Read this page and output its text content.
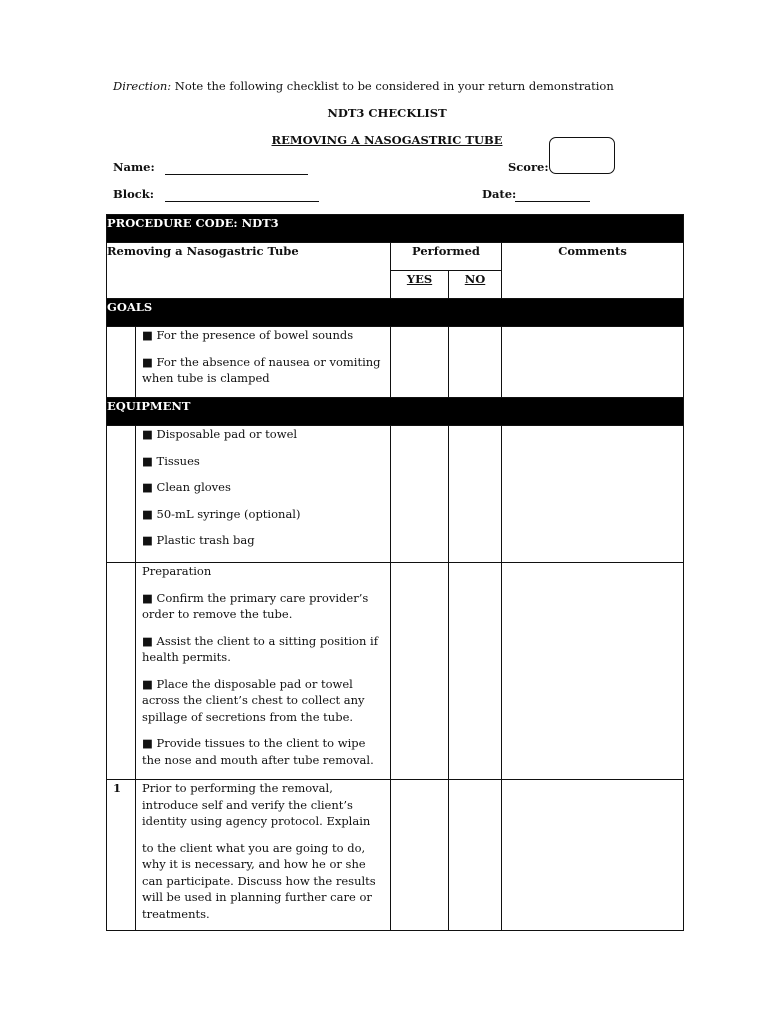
Direction: Note the following checklist to be considered in your return demonstration
NDT3 CHECKLIST
REMOVING A NASOGASTRIC TUBE
Name:	Score:
Block:	Date:
PROCEDURE CODE: NDT3				
Removing a Nasogastric Tube		Performed		Comments
		YES	NO	
GOALS				

	■ For the presence of bowel sounds

■ For the absence of nausea or vomiting when tube is clamped			

EQUIPMENT				

	■ Disposable pad or towel

■ Tissues

■ Clean gloves

■ 50-mL syringe (optional)

■ Plastic trash bag			

	Preparation

■ Confirm the primary care provider’s order to remove the tube.

■ Assist the client to a sitting position if health permits.

■ Place the disposable pad or towel across the client’s chest to collect any spillage of secretions from the tube.

■ Provide tissues to the client to wipe the nose and mouth after tube removal.			

1	Prior to performing the removal, introduce self and verify the client’s identity using agency protocol. Explain

to the client what you are going to do, why it is necessary, and how he or she can participate. Discuss how the results will be used in planning further care or treatments.			
